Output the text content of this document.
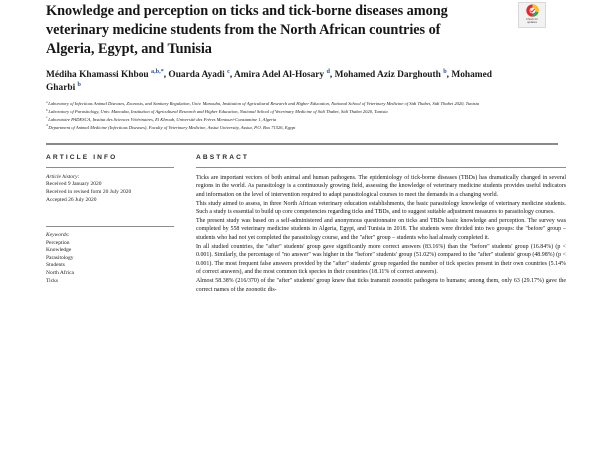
Check for
updates
Knowledge and perception on ticks and tick-borne diseases among veterinary medicine students from the North African countries of Algeria, Egypt, and Tunisia
Médiha Khamassi Khbou $^{a,b,*}$, Ouarda Ayadi $^c$, Amira Adel Al-Hosary $^d$, Mohamed Aziz Darghouth $^b$, Mohamed Gharbi $^b$
$^a$Laboratory of Infectious Animal Diseases, Zoonosis, and Sanitary Regulation, Univ. Manouba, Institution of Agricultural Research and Higher Education, National School of Veterinary Medicine of Sidi Thabet, Sidi Thabet 2020, Tunisia
$^b$Laboratory of Parasitology, Univ. Manouba, Institution of Agricultural Research and Higher Education, National School of Veterinary Medicine of Sidi Thabet, Sidi Thabet 2020, Tunisia
$^c$Laboratoire PADESCA, Institut des Sciences Vétérinaires, El Khroub, Université des Frères Mentouri-Constantine 1, Algeria
$^d$Department of Animal Medicine (Infectious Diseases), Faculty of Veterinary Medicine, Assiut University, Assiut, P.O. Box 71526, Egypt
ARTICLE INFO
Article history:
Received 9 January 2020
Received in revised form 20 July 2020
Accepted 26 July 2020
Keywords:
Perception
Knowledge
Parasitology
Students
North Africa
Ticks
ABSTRACT

Ticks are important vectors of both animal and human pathogens. The epidemiology of tick-borne diseases (TBDs) has dramatically changed in several regions in the world. As parasitology is a continuously growing field, assessing the knowledge of veterinary medicine students provides useful indicators and information on the level of intervention required to adapt parasitological courses to meet the demands in a changing world.

This study aimed to assess, in three North African veterinary education establishments, the basic parasitology knowledge of veterinary medicine students. Such a study is essential to build up core competencies regarding ticks and TBDs, and to suggest suitable adjustment measures to parasitology courses.

The present study was based on a self-administered and anonymous questionnaire on ticks and TBDs basic knowledge and perception. The survey was completed by 558 veterinary medicine students in Algeria, Egypt, and Tunisia in 2018. The students were divided into two groups: the "before" group – students who had not yet completed the parasitology course, and the "after" group – students who had already completed it.

In all studied countries, the "after" students' group gave significantly more correct answers (83.16%) than the "before" students' group (16.84%) (p < 0.001). Similarly, the percentage of "no answer" was higher in the "before" students' group (51.02%) compared to the "after" students' group (48.98%) (p < 0.001). The most frequent false answers provided by the "after" students' group regarded the number of tick species present in their own countries (5.14% of correct answers), and the most common tick species in their countries (18.11% of correct answers).

Almost 58.38% (216/370) of the "after" students' group knew that ticks transmit zoonotic pathogens to humans; among them, only 63 (29.17%) gave the correct names of the zoonotic dis-
